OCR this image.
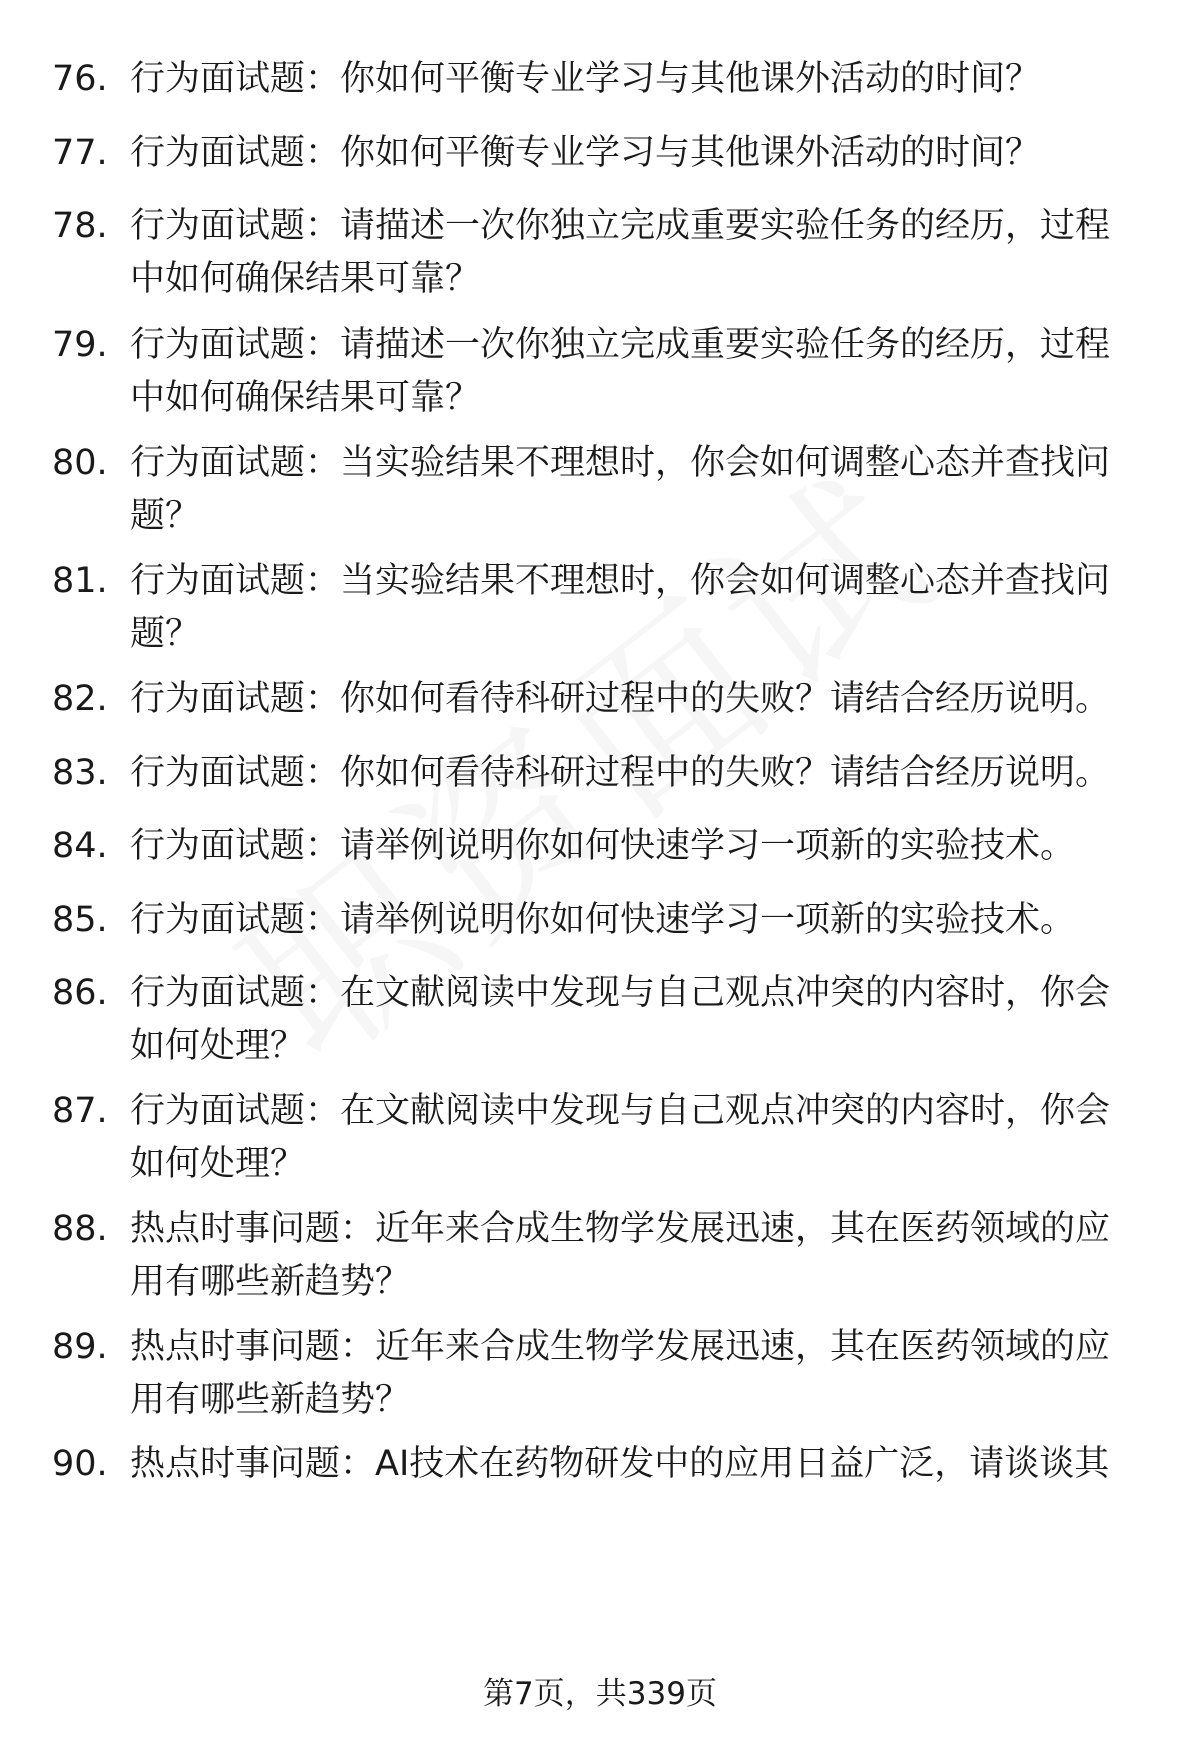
76. 行为面试题：你如何平衡专业学习与其他课外活动的时间？
77. 行为面试题：你如何平衡专业学习与其他课外活动的时间？
78. 行为面试题：请描述一次你独立完成重要实验任务的经历，过程中如何确保结果可靠？
79. 行为面试题：请描述一次你独立完成重要实验任务的经历，过程中如何确保结果可靠？
80. 行为面试题：当实验结果不理想时，你会如何调整心态并查找问题？
81. 行为面试题：当实验结果不理想时，你会如何调整心态并查找问题？
82. 行为面试题：你如何看待科研过程中的失败？请结合经历说明。
83. 行为面试题：你如何看待科研过程中的失败？请结合经历说明。
84. 行为面试题：请举例说明你如何快速学习一项新的实验技术。
85. 行为面试题：请举例说明你如何快速学习一项新的实验技术。
86. 行为面试题：在文献阅读中发现与自己观点冲突的内容时，你会如何处理？
87. 行为面试题：在文献阅读中发现与自己观点冲突的内容时，你会如何处理？
88. 热点时事问题：近年来合成生物学发展迅速，其在医药领域的应用有哪些新趋势？
89. 热点时事问题：近年来合成生物学发展迅速，其在医药领域的应用有哪些新趋势？
90. 热点时事问题：AI技术在药物研发中的应用日益广泛，请谈谈其
第7页，共339页
